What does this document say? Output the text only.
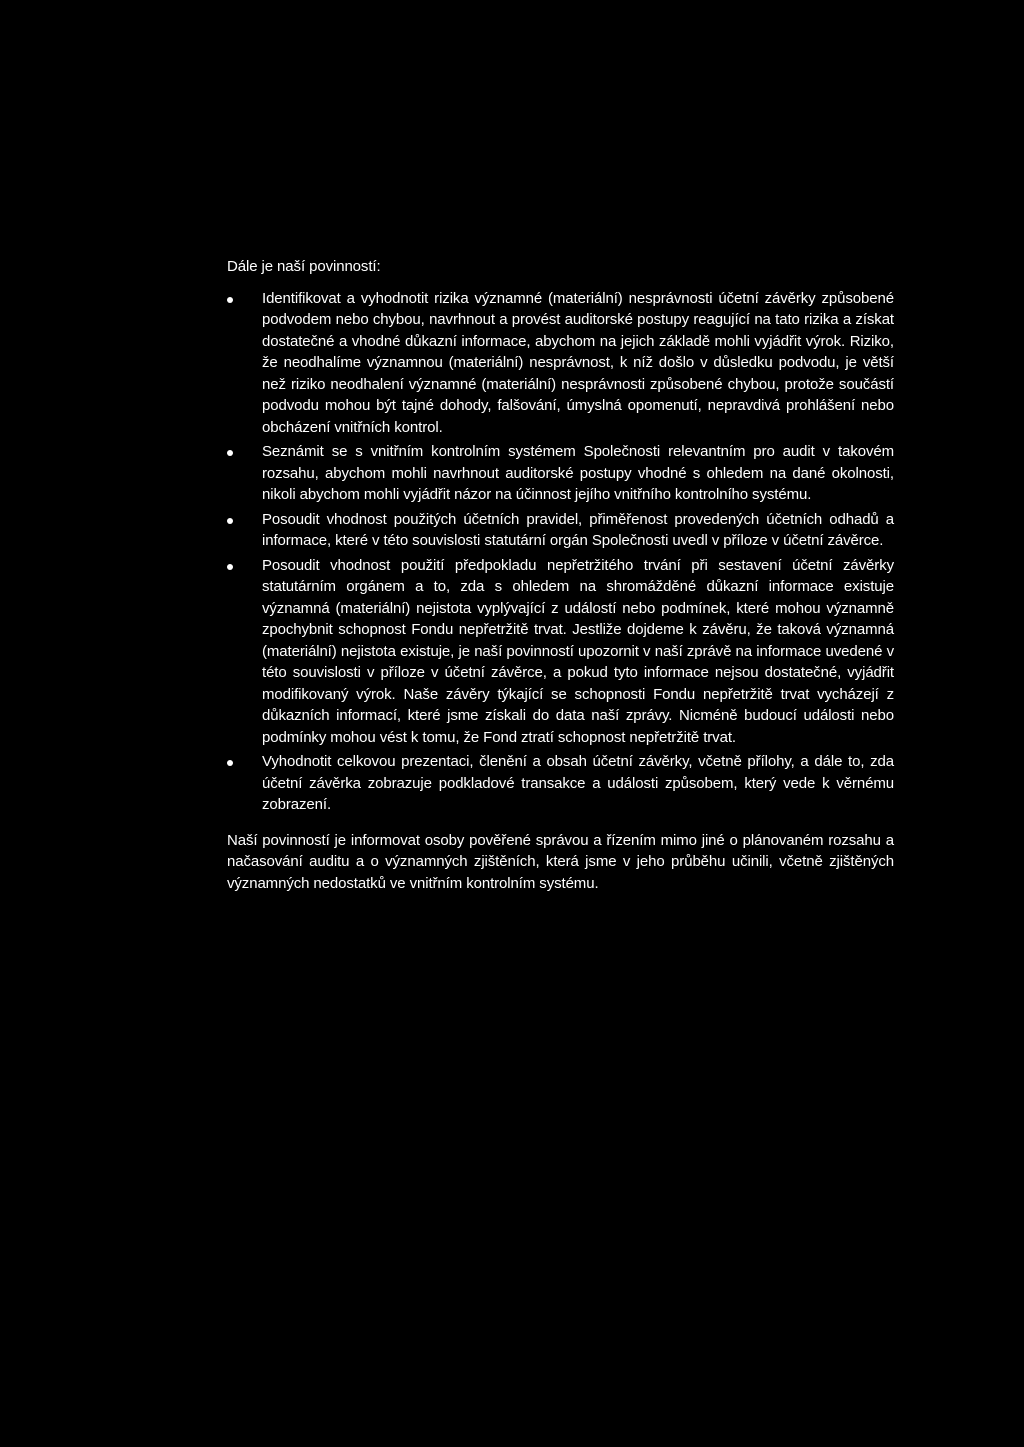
Dále je naší povinností:

Identifikovat a vyhodnotit rizika významné (materiální) nesprávnosti účetní závěrky způsobené podvodem nebo chybou, navrhnout a provést auditorské postupy reagující na tato rizika a získat dostatečné a vhodné důkazní informace, abychom na jejich základě mohli vyjádřit výrok. Riziko, že neodhalíme významnou (materiální) nesprávnost, k níž došlo v důsledku podvodu, je větší než riziko neodhalení významné (materiální) nesprávnosti způsobené chybou, protože součástí podvodu mohou být tajné dohody, falšování, úmyslná opomenutí, nepravdivá prohlášení nebo obcházení vnitřních kontrol.
Seznámit se s vnitřním kontrolním systémem Společnosti relevantním pro audit v takovém rozsahu, abychom mohli navrhnout auditorské postupy vhodné s ohledem na dané okolnosti, nikoli abychom mohli vyjádřit názor na účinnost jejího vnitřního kontrolního systému.
Posoudit vhodnost použitých účetních pravidel, přiměřenost provedených účetních odhadů a informace, které v této souvislosti statutární orgán Společnosti uvedl v příloze v účetní závěrce.
Posoudit vhodnost použití předpokladu nepřetržitého trvání při sestavení účetní závěrky statutárním orgánem a to, zda s ohledem na shromážděné důkazní informace existuje významná (materiální) nejistota vyplývající z událostí nebo podmínek, které mohou významně zpochybnit schopnost Fondu nepřetržitě trvat. Jestliže dojdeme k závěru, že taková významná (materiální) nejistota existuje, je naší povinností upozornit v naší zprávě na informace uvedené v této souvislosti v příloze v účetní závěrce, a pokud tyto informace nejsou dostatečné, vyjádřit modifikovaný výrok. Naše závěry týkající se schopnosti Fondu nepřetržitě trvat vycházejí z důkazních informací, které jsme získali do data naší zprávy. Nicméně budoucí události nebo podmínky mohou vést k tomu, že Fond ztratí schopnost nepřetržitě trvat.
Vyhodnotit celkovou prezentaci, členění a obsah účetní závěrky, včetně přílohy, a dále to, zda účetní závěrka zobrazuje podkladové transakce a události způsobem, který vede k věrnému zobrazení.

Naší povinností je informovat osoby pověřené správou a řízením mimo jiné o plánovaném rozsahu a načasování auditu a o významných zjištěních, která jsme v jeho průběhu učinili, včetně zjištěných významných nedostatků ve vnitřním kontrolním systému.
